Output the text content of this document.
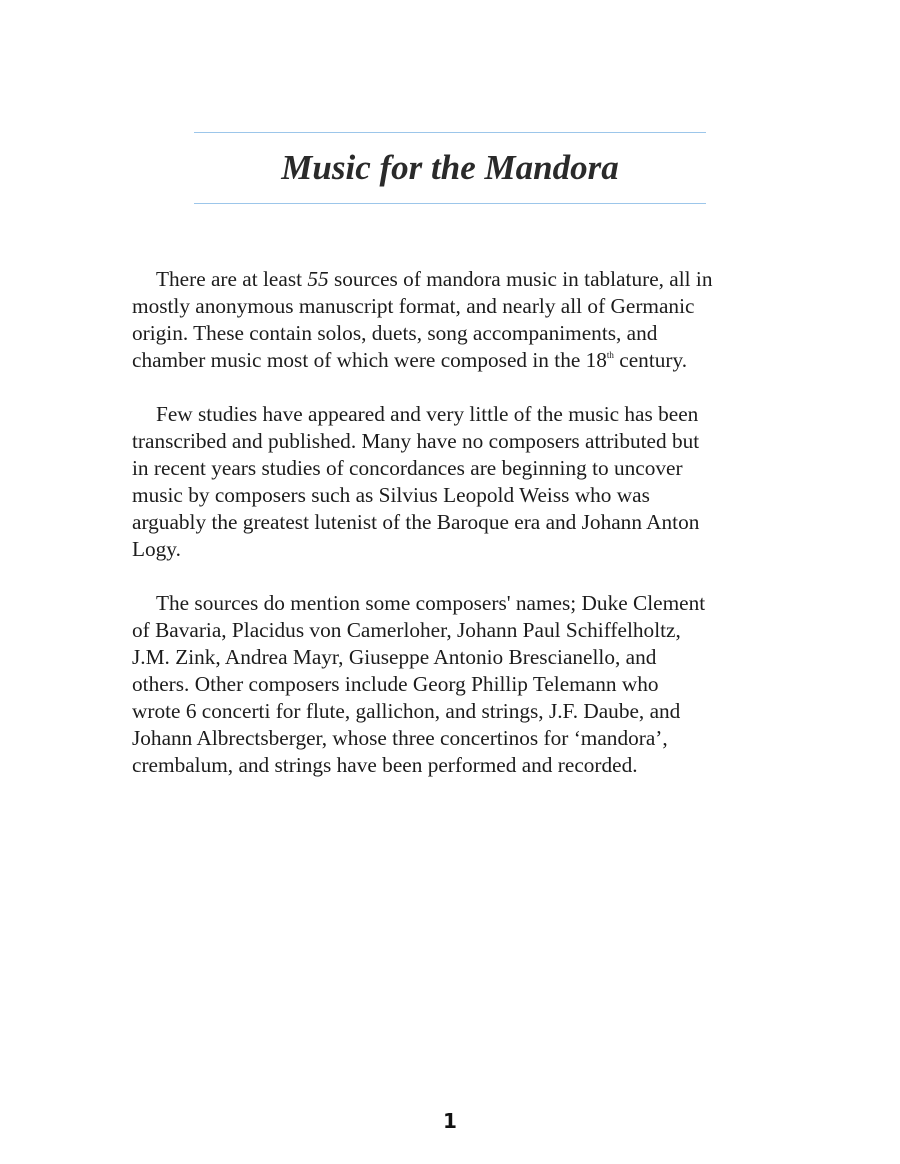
Music for the Mandora

There are at least 55 sources of mandora music in tablature, all in
mostly anonymous manuscript format, and nearly all of Germanic
origin. These contain solos, duets, song accompaniments, and
chamber music most of which were composed in the 18th century.

Few studies have appeared and very little of the music has been
transcribed and published. Many have no composers attributed but
in recent years studies of concordances are beginning to uncover
music by composers such as Silvius Leopold Weiss who was
arguably the greatest lutenist of the Baroque era and Johann Anton
Logy.

The sources do mention some composers' names; Duke Clement
of Bavaria, Placidus von Camerloher, Johann Paul Schiffelholtz,
J.M. Zink, Andrea Mayr, Giuseppe Antonio Brescianello, and
others. Other composers include Georg Phillip Telemann who
wrote 6 concerti for flute, gallichon, and strings, J.F. Daube, and
Johann Albrectsberger, whose three concertinos for ‘mandora’,
crembalum, and strings have been performed and recorded.

1
